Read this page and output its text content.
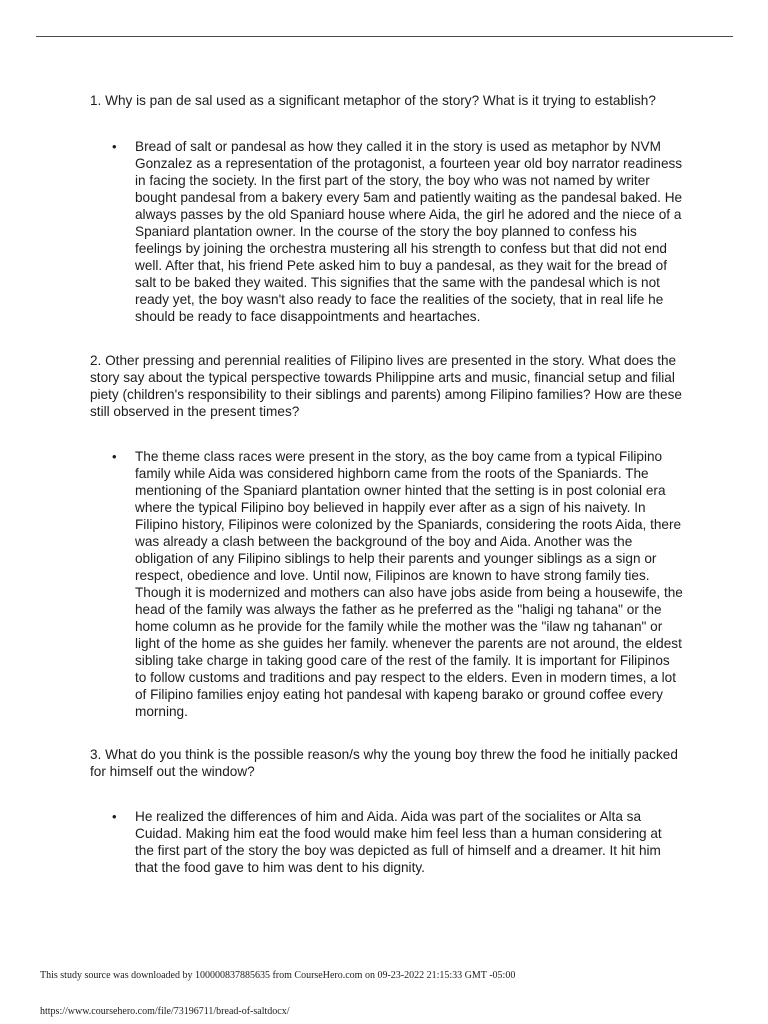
1. Why is pan de sal used as a significant metaphor of the story? What is it trying to establish?

• Bread of salt or pandesal as how they called it in the story is used as metaphor by NVM Gonzalez as a representation of the protagonist, a fourteen year old boy narrator readiness in facing the society. In the first part of the story, the boy who was not named by writer bought pandesal from a bakery every 5am and patiently waiting as the pandesal baked. He always passes by the old Spaniard house where Aida, the girl he adored and the niece of a Spaniard plantation owner. In the course of the story the boy planned to confess his feelings by joining the orchestra mustering all his strength to confess but that did not end well. After that, his friend Pete asked him to buy a pandesal, as they wait for the bread of salt to be baked they waited. This signifies that the same with the pandesal which is not ready yet, the boy wasn't also ready to face the realities of the society, that in real life he should be ready to face disappointments and heartaches.

2. Other pressing and perennial realities of Filipino lives are presented in the story. What does the story say about the typical perspective towards Philippine arts and music, financial setup and filial piety (children's responsibility to their siblings and parents) among Filipino families? How are these still observed in the present times?

• The theme class races were present in the story, as the boy came from a typical Filipino family while Aida was considered highborn came from the roots of the Spaniards. The mentioning of the Spaniard plantation owner hinted that the setting is in post colonial era where the typical Filipino boy believed in happily ever after as a sign of his naivety. In Filipino history, Filipinos were colonized by the Spaniards, considering the roots Aida, there was already a clash between the background of the boy and Aida. Another was the obligation of any Filipino siblings to help their parents and younger siblings as a sign or respect, obedience and love. Until now, Filipinos are known to have strong family ties. Though it is modernized and mothers can also have jobs aside from being a housewife, the head of the family was always the father as he preferred as the "haligi ng tahana" or the home column as he provide for the family while the mother was the "ilaw ng tahanan" or light of the home as she guides her family. whenever the parents are not around, the eldest sibling take charge in taking good care of the rest of the family. It is important for Filipinos to follow customs and traditions and pay respect to the elders. Even in modern times, a lot of Filipino families enjoy eating hot pandesal with kapeng barako or ground coffee every morning.

3. What do you think is the possible reason/s why the young boy threw the food he initially packed for himself out the window?

• He realized the differences of him and Aida. Aida was part of the socialites or Alta sa Cuidad. Making him eat the food would make him feel less than a human considering at the first part of the story the boy was depicted as full of himself and a dreamer. It hit him that the food gave to him was dent to his dignity.
This study source was downloaded by 100000837885635 from CourseHero.com on 09-23-2022 21:15:33 GMT -05:00
https://www.coursehero.com/file/73196711/bread-of-saltdocx/
